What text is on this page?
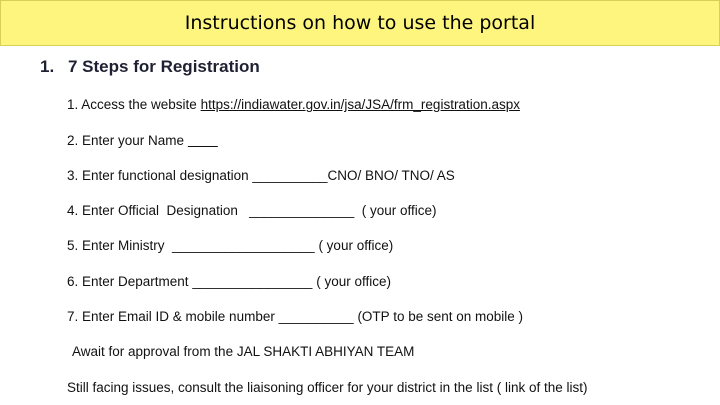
Instructions on how to use the portal
1. 7 Steps for Registration
1. Access the website https://indiawater.gov.in/jsa/JSA/frm_registration.aspx
2. Enter your Name
3. Enter functional designation __________CNO/ BNO/ TNO/ AS
4. Enter Official  Designation   ______________  ( your office)
5. Enter Ministry  ___________________ ( your office)
6. Enter Department ________________ ( your office)
7. Enter Email ID & mobile number __________ (OTP to be sent on mobile )
Await for approval from the JAL SHAKTI ABHIYAN TEAM
Still facing issues, consult the liaisoning officer for your district in the list ( link of the list)
